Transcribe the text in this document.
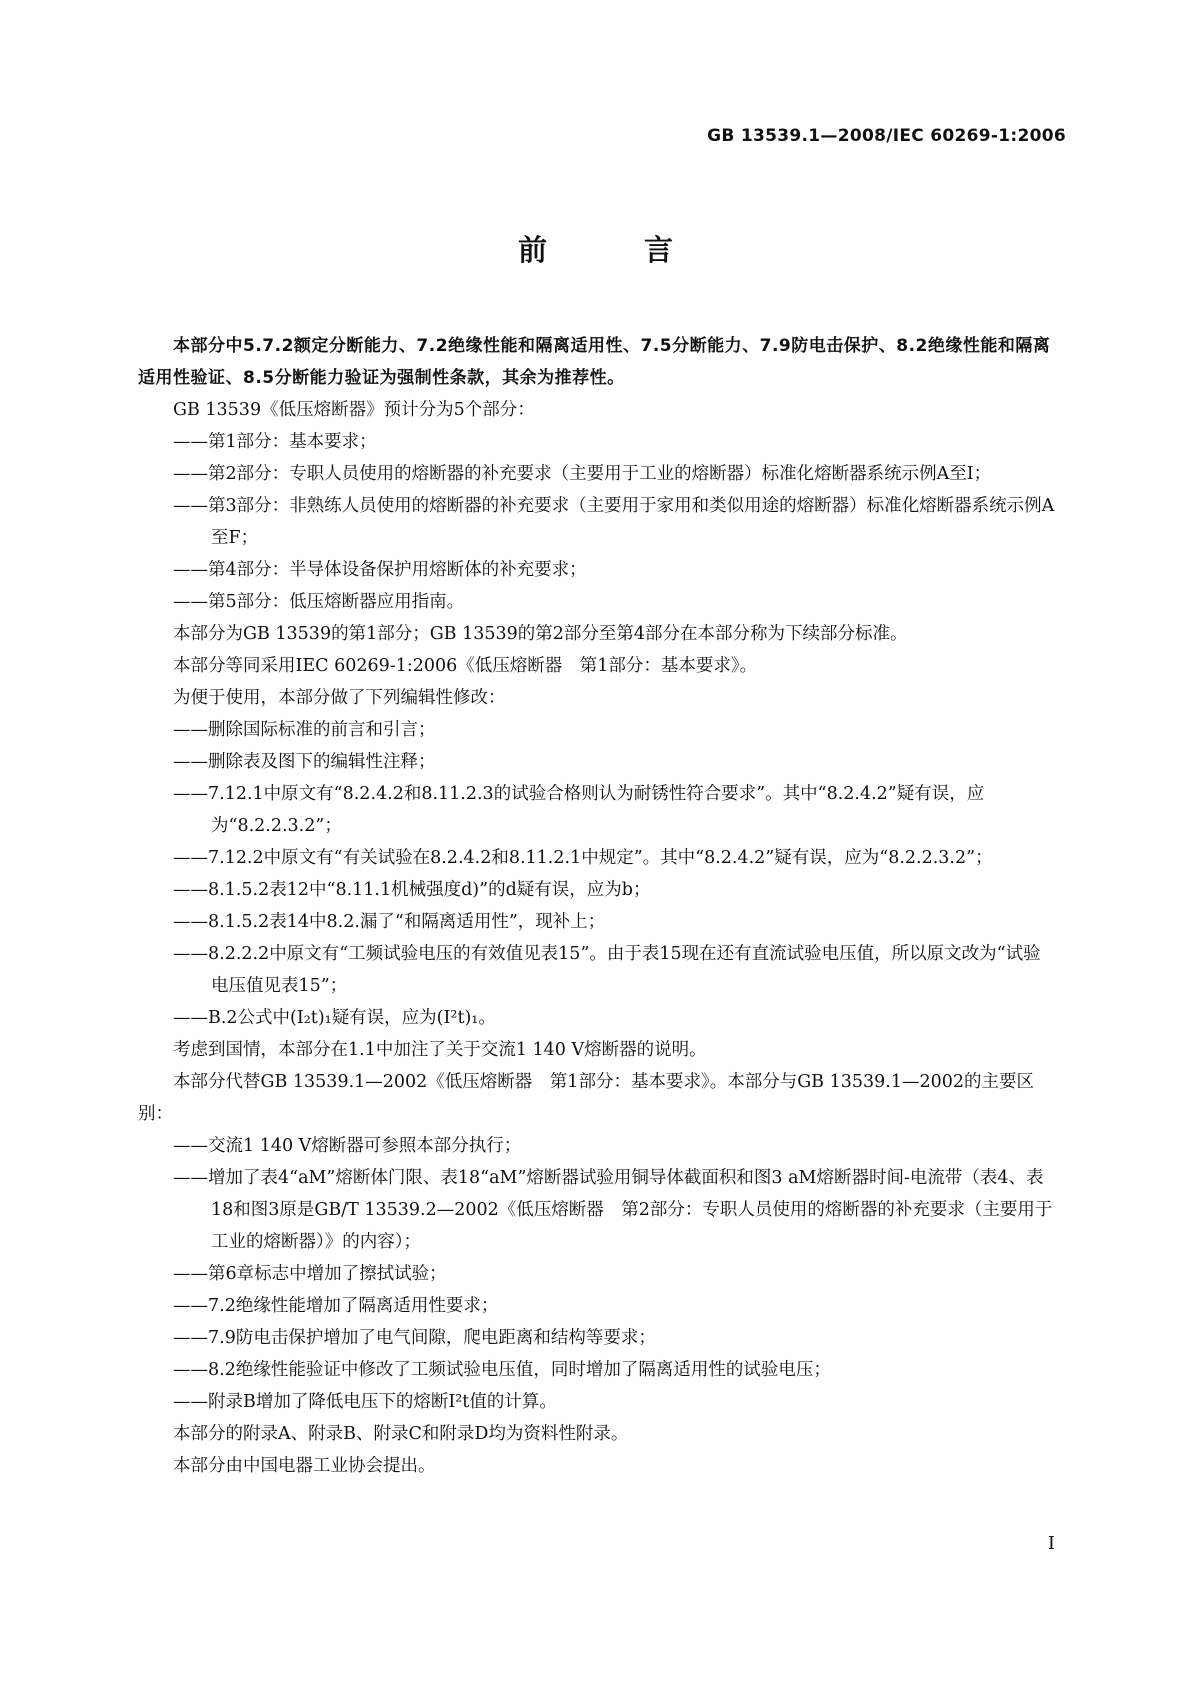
GB 13539.1—2008/IEC 60269-1:2006
前　言

本部分中5.7.2额定分断能力、7.2绝缘性能和隔离适用性、7.5分断能力、7.9防电击保护、8.2绝缘性能和隔离适用性验证、8.5分断能力验证为强制性条款，其余为推荐性。

GB 13539《低压熔断器》预计分为5个部分：

——第1部分：基本要求；

——第2部分：专职人员使用的熔断器的补充要求（主要用于工业的熔断器）标准化熔断器系统示例A至I；

——第3部分：非熟练人员使用的熔断器的补充要求（主要用于家用和类似用途的熔断器）标准化熔断器系统示例A至F；

——第4部分：半导体设备保护用熔断体的补充要求；

——第5部分：低压熔断器应用指南。

本部分为GB 13539的第1部分；GB 13539的第2部分至第4部分在本部分称为下续部分标准。

本部分等同采用IEC 60269-1:2006《低压熔断器　第1部分：基本要求》。

为便于使用，本部分做了下列编辑性修改：

——删除国际标准的前言和引言；

——删除表及图下的编辑性注释；

——7.12.1中原文有“8.2.4.2和8.11.2.3的试验合格则认为耐锈性符合要求”。其中“8.2.4.2”疑有误，应为“8.2.2.3.2”；

——7.12.2中原文有“有关试验在8.2.4.2和8.11.2.1中规定”。其中“8.2.4.2”疑有误，应为“8.2.2.3.2”；

——8.1.5.2表12中“8.11.1机械强度d)”的d疑有误，应为b；

——8.1.5.2表14中8.2.漏了“和隔离适用性”，现补上；

——8.2.2.2中原文有“工频试验电压的有效值见表15”。由于表15现在还有直流试验电压值，所以原文改为“试验电压值见表15”；

——B.2公式中(I₂t)₁疑有误，应为(I²t)₁。

考虑到国情，本部分在1.1中加注了关于交流1 140 V熔断器的说明。

本部分代替GB 13539.1—2002《低压熔断器　第1部分：基本要求》。本部分与GB 13539.1—2002的主要区别：

——交流1 140 V熔断器可参照本部分执行；

——增加了表4“aM”熔断体门限、表18“aM”熔断器试验用铜导体截面积和图3 aM熔断器时间-电流带（表4、表18和图3原是GB/T 13539.2—2002《低压熔断器　第2部分：专职人员使用的熔断器的补充要求（主要用于工业的熔断器）》的内容）；

——第6章标志中增加了擦拭试验；

——7.2绝缘性能增加了隔离适用性要求；

——7.9防电击保护增加了电气间隙，爬电距离和结构等要求；

——8.2绝缘性能验证中修改了工频试验电压值，同时增加了隔离适用性的试验电压；

——附录B增加了降低电压下的熔断I²t值的计算。

本部分的附录A、附录B、附录C和附录D均为资料性附录。

本部分由中国电器工业协会提出。

I
